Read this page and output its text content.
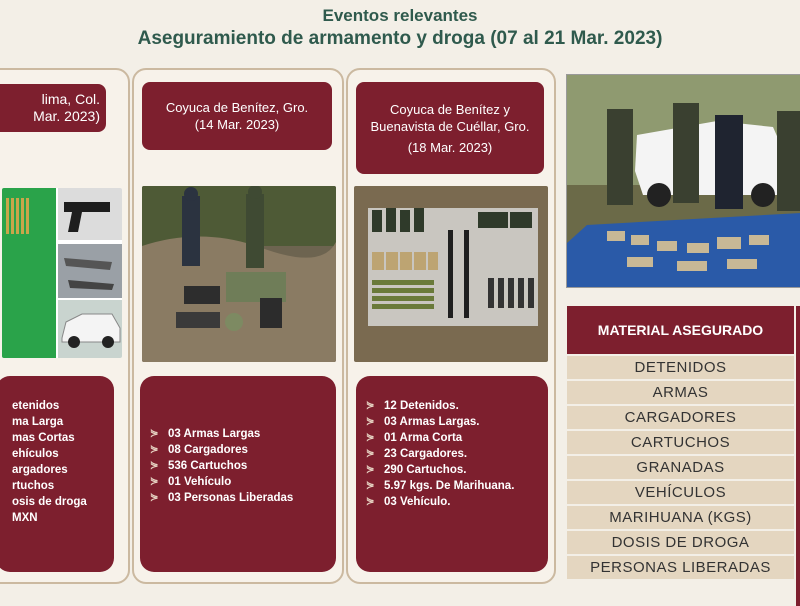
Eventos relevantes
Aseguramiento de armamento y droga (07 al 21 Mar. 2023)
lima, Col.
Mar. 2023)
etenidos
ma Larga
mas Cortas
ehículos
argadores
rtuchos
osis de droga
MXN
Coyuca de Benítez, Gro.
(14 Mar. 2023)
⋟ 03 Armas Largas
⋟ 08 Cargadores
⋟ 536 Cartuchos
⋟ 01 Vehículo
⋟ 03 Personas Liberadas
Coyuca de Benítez y Buenavista de Cuéllar, Gro.
(18 Mar. 2023)
⋟ 12 Detenidos.
⋟ 03 Armas Largas.
⋟ 01 Arma Corta
⋟ 23 Cargadores.
⋟ 290 Cartuchos.
⋟ 5.97 kgs. De Marihuana.
⋟ 03 Vehículo.
MATERIAL ASEGURADO
DETENIDOS
ARMAS
CARGADORES
CARTUCHOS
GRANADAS
VEHÍCULOS
MARIHUANA (KGS)
DOSIS DE DROGA
PERSONAS LIBERADAS
